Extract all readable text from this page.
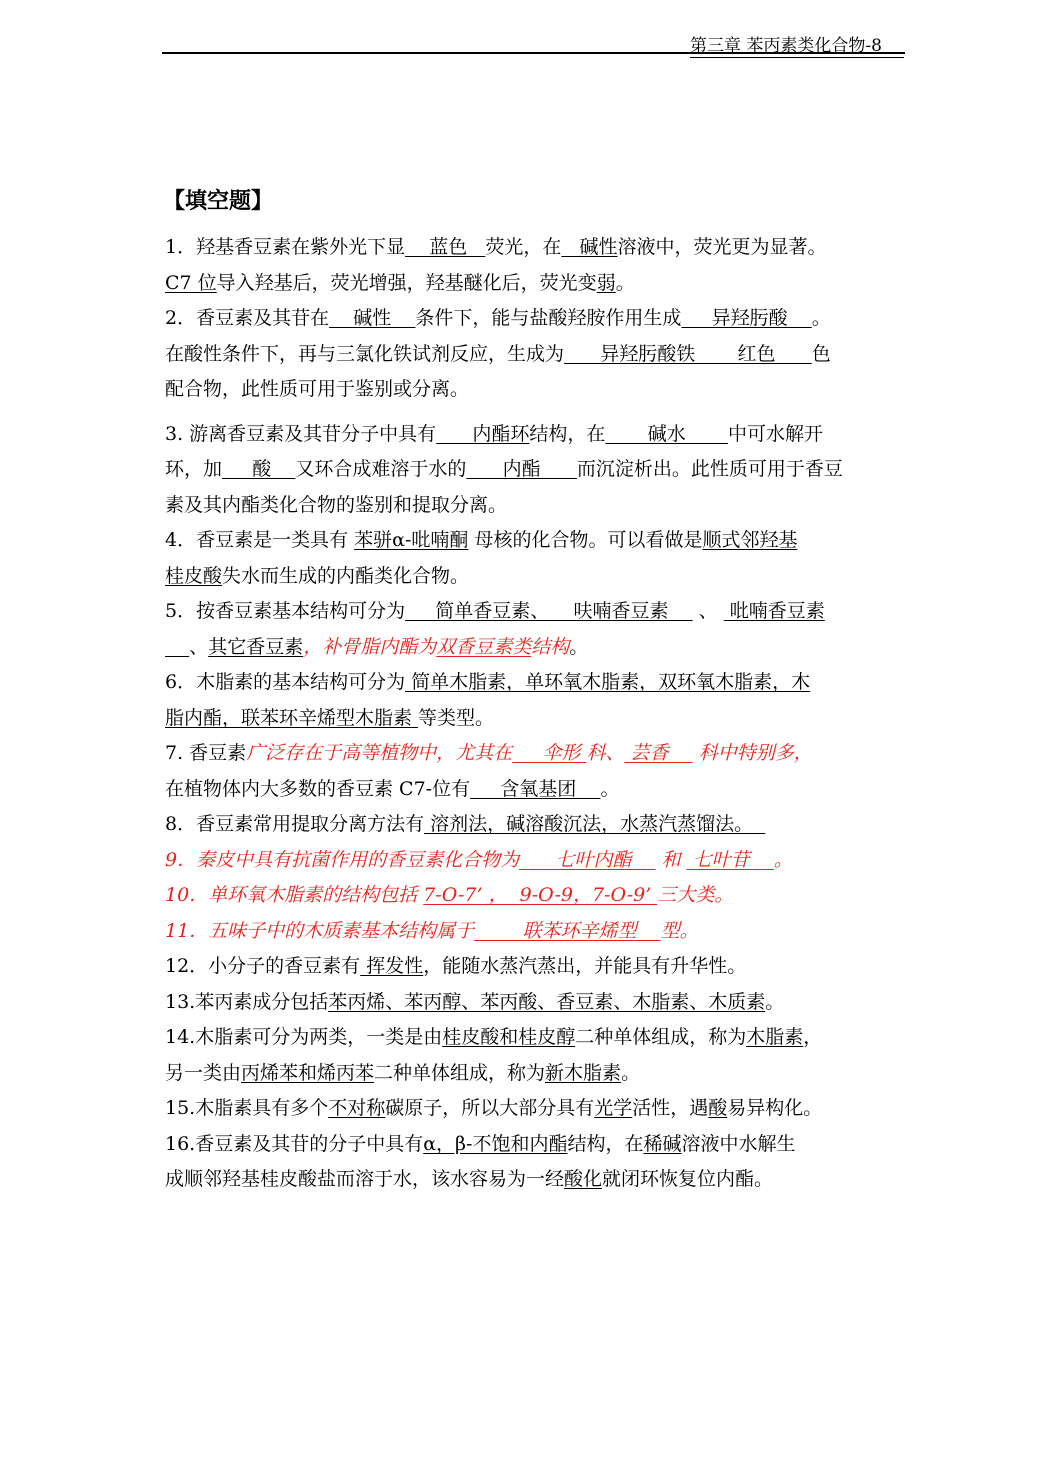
第三章 苯丙素类化合物-8
【填空题】
1．羟基香豆素在紫外光下显    蓝色   荧光，在   碱性溶液中，荧光更为显著。
C7 位导入羟基后，荧光增强，羟基醚化后，荧光变弱。
2．香豆素及其苷在    碱性    条件下，能与盐酸羟胺作用生成     异羟肟酸    。
在酸性条件下，再与三氯化铁试剂反应，生成为      异羟肟酸铁       红色      色
配合物，此性质可用于鉴别或分离。
3. 游离香豆素及其苷分子中具有      内酯环结构，在       碱水       中可水解开
环，加     酸    又环合成难溶于水的      内酯      而沉淀析出。此性质可用于香豆
素及其内酯类化合物的鉴别和提取分离。
4．香豆素是一类具有 苯骈α-吡喃酮 母核的化合物。可以看做是顺式邻羟基
桂皮酸失水而生成的内酯类化合物。
5．按香豆素基本结构可分为     简单香豆素、    呋喃香豆素     、  吡喃香豆素
、其它香豆素，补骨脂内酯为双香豆素类结构。
6．木脂素的基本结构可分为 简单木脂素，单环氧木脂素，双环氧木脂素，木
脂内酯，联苯环辛烯型木脂素 等类型。
7. 香豆素广泛存在于高等植物中，尤其在     伞形 科、 芸香     科中特别多，
在植物体内大多数的香豆素 C7-位有     含氧基团    。
8．香豆素常用提取分离方法有 溶剂法，碱溶酸沉法，水蒸汽蒸馏法。
9．秦皮中具有抗菌作用的香豆素化合物为      七叶内酯     和  七叶苷    。
10．单环氧木脂素的结构包括 7-O-7’ ，  9-O-9，7-O-9’ 三大类。
11．五味子中的木质素基本结构属于        联苯环辛烯型    型。
12．小分子的香豆素有 挥发性，能随水蒸汽蒸出，并能具有升华性。
13.苯丙素成分包括苯丙烯、苯丙醇、苯丙酸、香豆素、木脂素、木质素。
14.木脂素可分为两类，一类是由桂皮酸和桂皮醇二种单体组成，称为木脂素，
另一类由丙烯苯和烯丙苯二种单体组成，称为新木脂素。
15.木脂素具有多个不对称碳原子，所以大部分具有光学活性，遇酸易异构化。
16.香豆素及其苷的分子中具有α，β-不饱和内酯结构，在稀碱溶液中水解生
成顺邻羟基桂皮酸盐而溶于水，该水容易为一经酸化就闭环恢复位内酯。
